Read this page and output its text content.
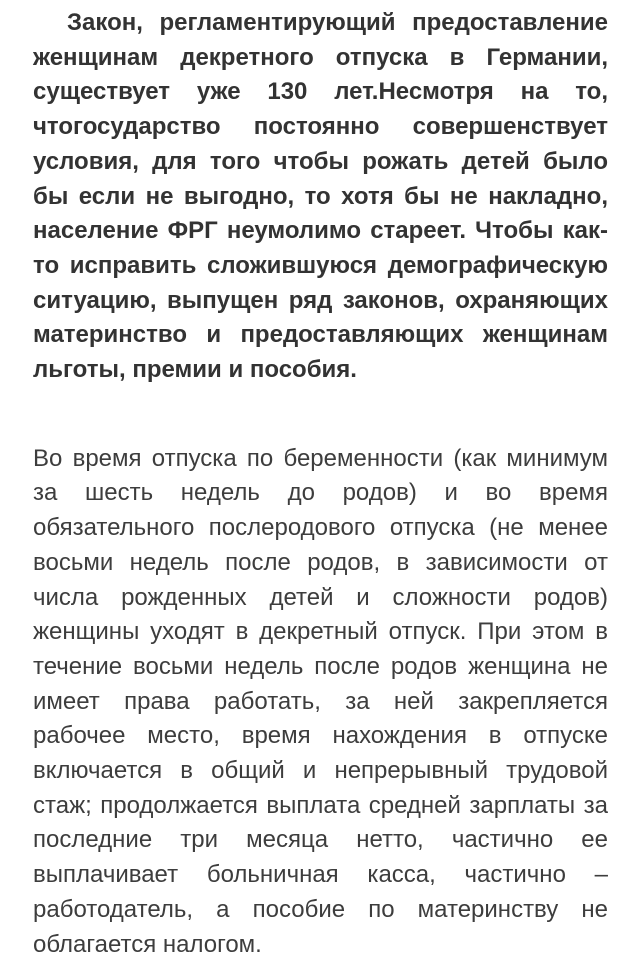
Закон, регламентирующий предоставление женщинам декретного отпуска в Германии, существует уже 130 лет.Несмотря на то, чтогосударство постоянно совершенствует условия, для того чтобы рожать детей было бы если не выгодно, то хотя бы не накладно, население ФРГ неумолимо стареет. Чтобы как-то исправить сложившуюся демографическую ситуацию, выпущен ряд законов, охраняющих материнство и предоставляющих женщинам льготы, премии и пособия.

Во время отпуска по беременности (как минимум за шесть недель до родов) и во время обязательного послеродового отпуска (не менее восьми недель после родов, в зависимости от числа рожденных детей и сложности родов) женщины уходят в декретный отпуск. При этом в течение восьми недель после родов женщина не имеет права работать, за ней закрепляется рабочее место, время нахождения в отпуске включается в общий и непрерывный трудовой стаж; продолжается выплата средней зарплаты за последние три месяца нетто, частично ее выплачивает больничная касса, частично – работодатель, а пособие по материнству не облагается налогом.
